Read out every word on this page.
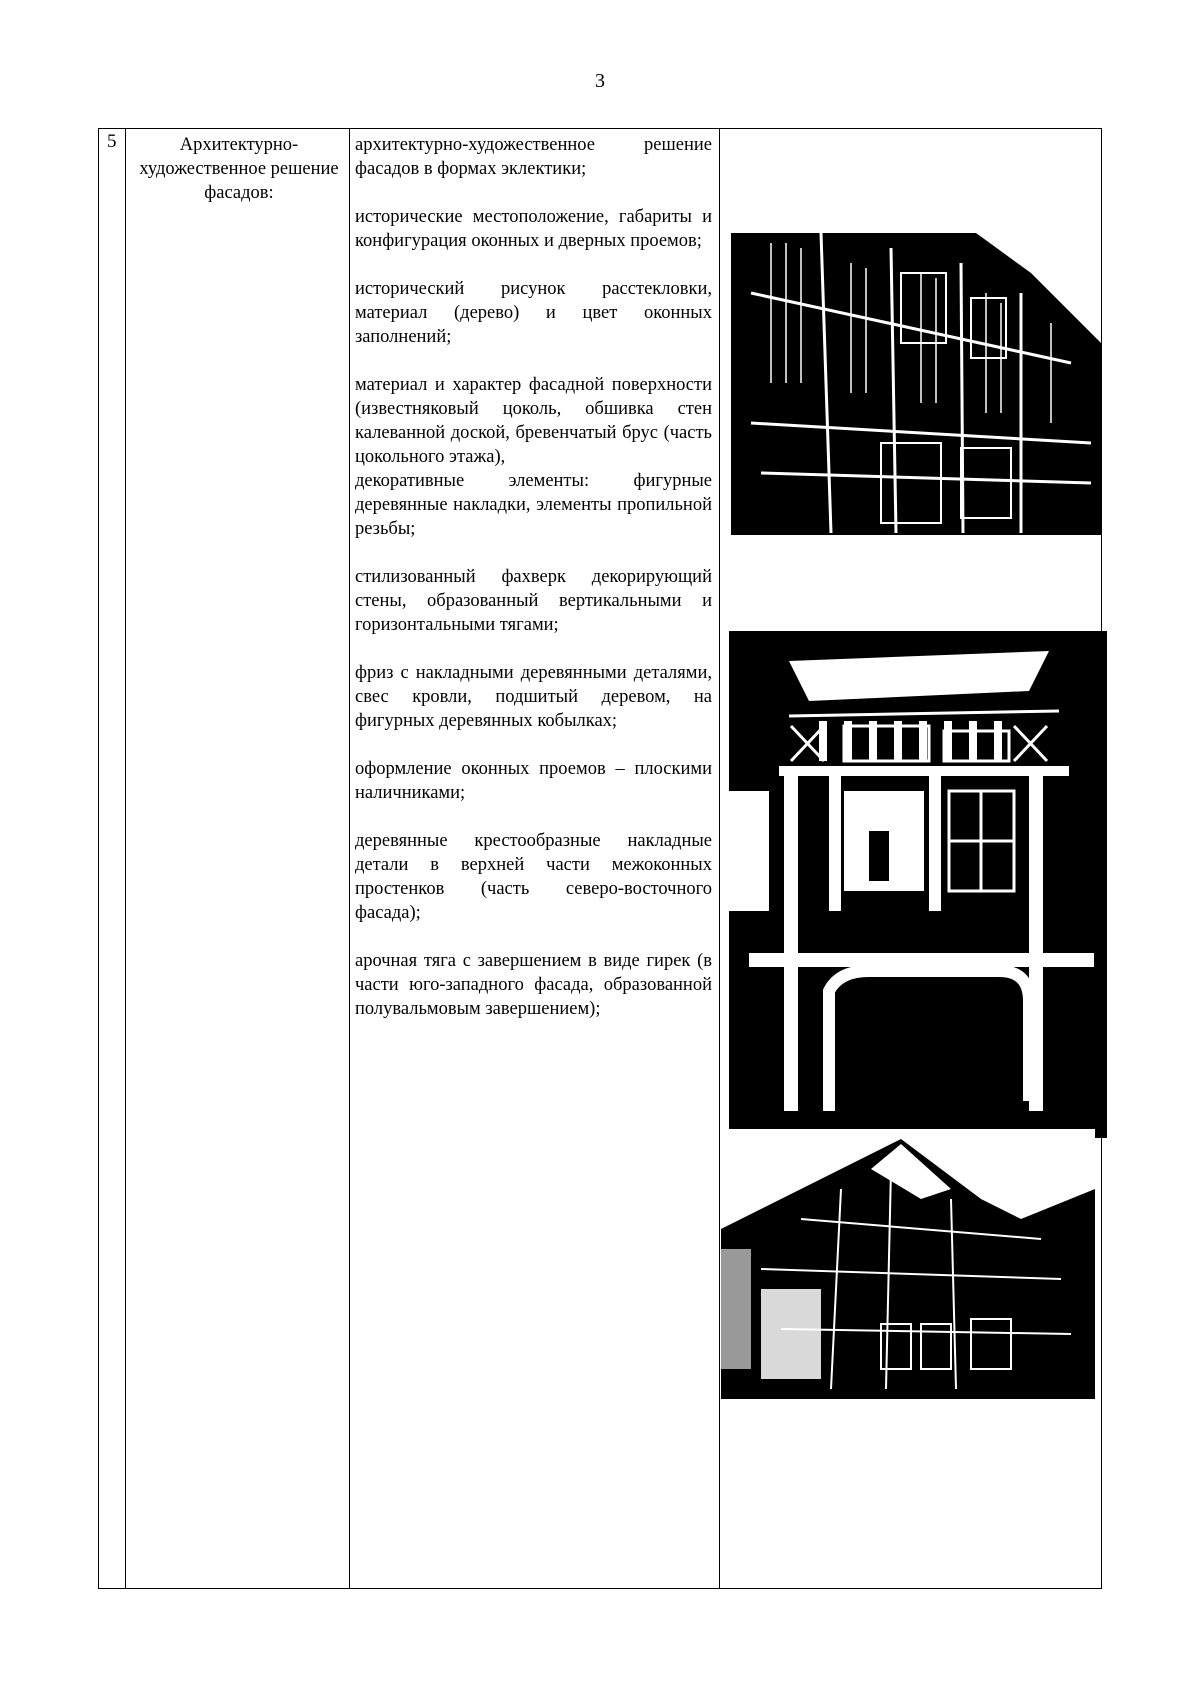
3
5	Архитектурно-художественное решение фасадов:

архитектурно-художественное решение фасадов в формах эклектики;

исторические местоположение, габариты и конфигурация оконных и дверных проемов;

исторический рисунок расстекловки, материал (дерево) и цвет оконных заполнений;

материал и характер фасадной поверхности (известняковый цоколь, обшивка стен калеванной доской, бревенчатый брус (часть цокольного этажа),

декоративные элементы: фигурные деревянные накладки, элементы пропильной резьбы;

стилизованный фахверк декорирующий стены, образованный вертикальными и горизонтальными тягами;

фриз с накладными деревянными деталями, свес кровли, подшитый деревом, на фигурных деревянных кобылках;

оформление оконных проемов – плоскими наличниками;

деревянные крестообразные накладные детали в верхней части межоконных простенков (часть северо-восточного фасада);

арочная тяга с завершением в виде гирек (в части юго-западного фасада, образованной полувальмовым завершением);
